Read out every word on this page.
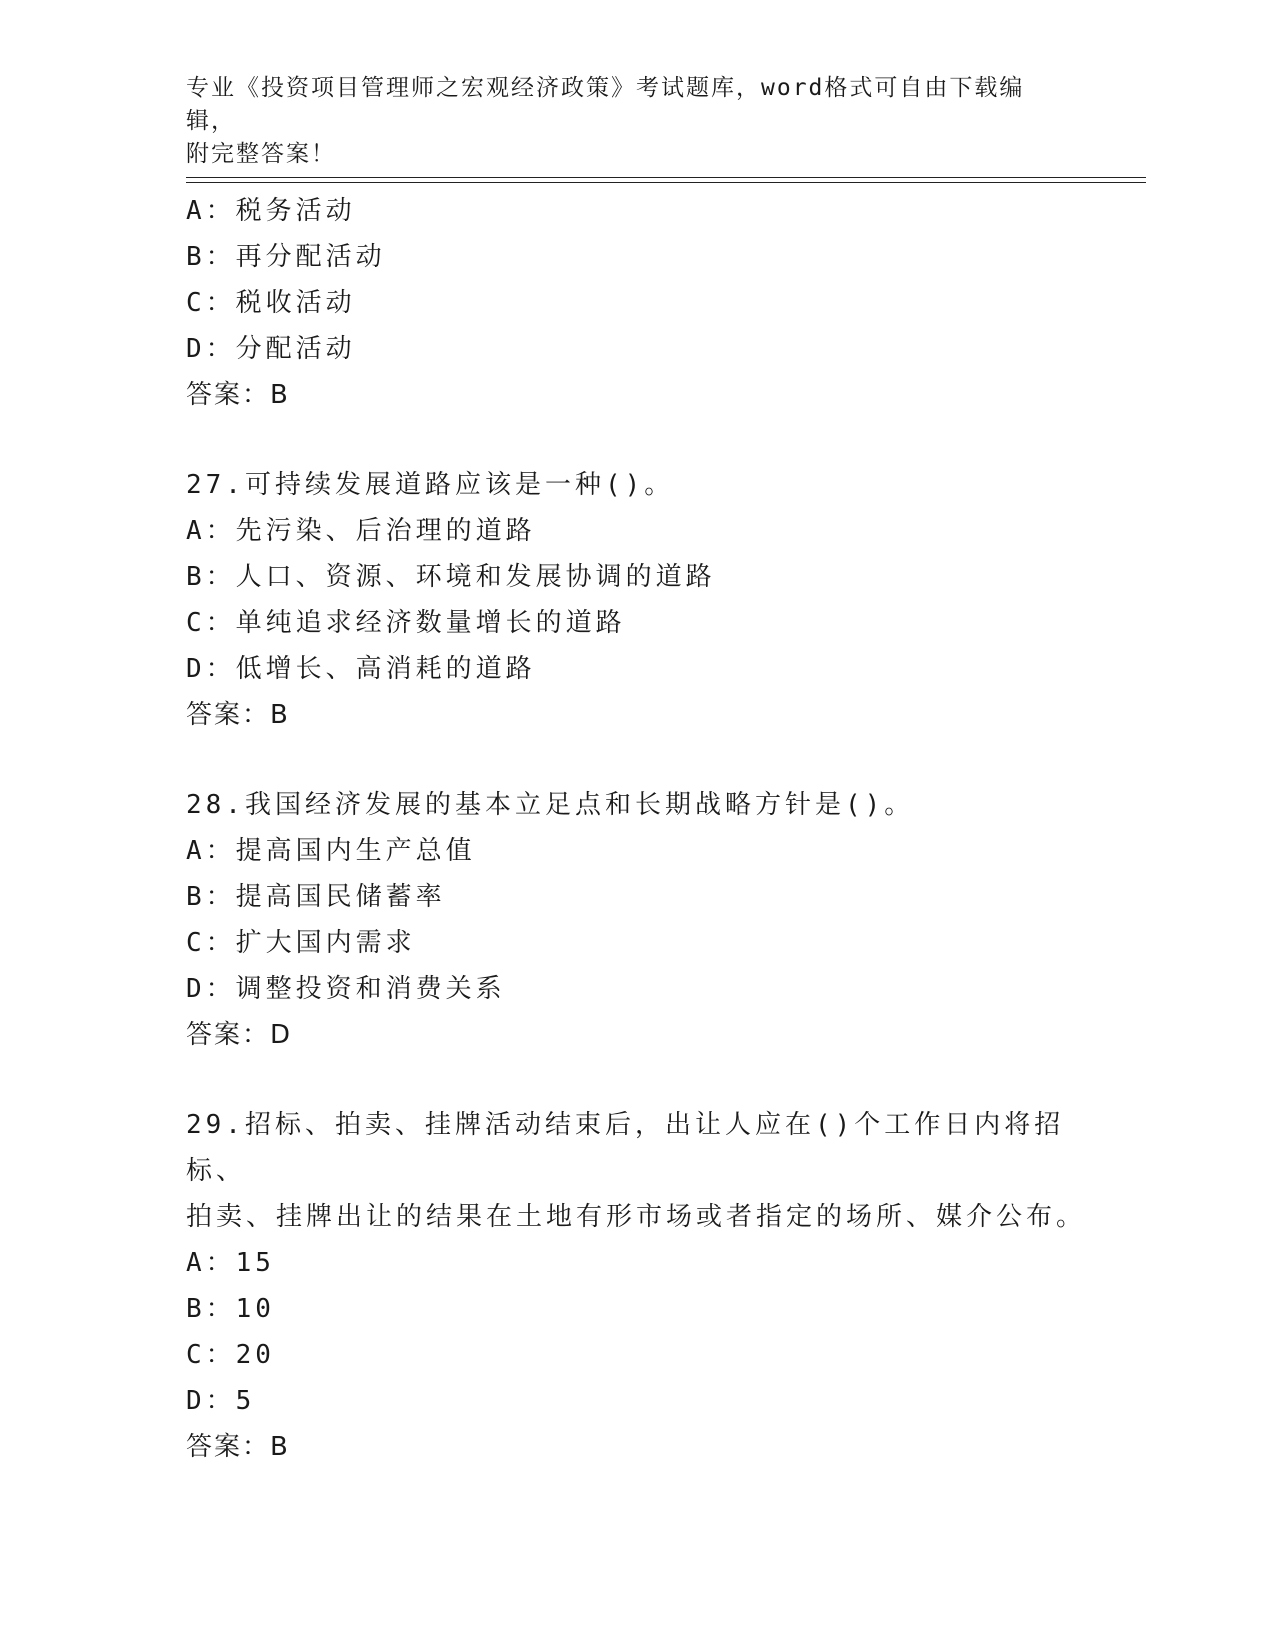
专业《投资项目管理师之宏观经济政策》考试题库，word格式可自由下载编辑，
附完整答案！
A：税务活动
B：再分配活动
C：税收活动
D：分配活动
答案：B
27.可持续发展道路应该是一种()。
A：先污染、后治理的道路
B：人口、资源、环境和发展协调的道路
C：单纯追求经济数量增长的道路
D：低增长、高消耗的道路
答案：B
28.我国经济发展的基本立足点和长期战略方针是()。
A：提高国内生产总值
B：提高国民储蓄率
C：扩大国内需求
D：调整投资和消费关系
答案：D
29.招标、拍卖、挂牌活动结束后，出让人应在()个工作日内将招标、
拍卖、挂牌出让的结果在土地有形市场或者指定的场所、媒介公布。
A：15
B：10
C：20
D：5
答案：B
